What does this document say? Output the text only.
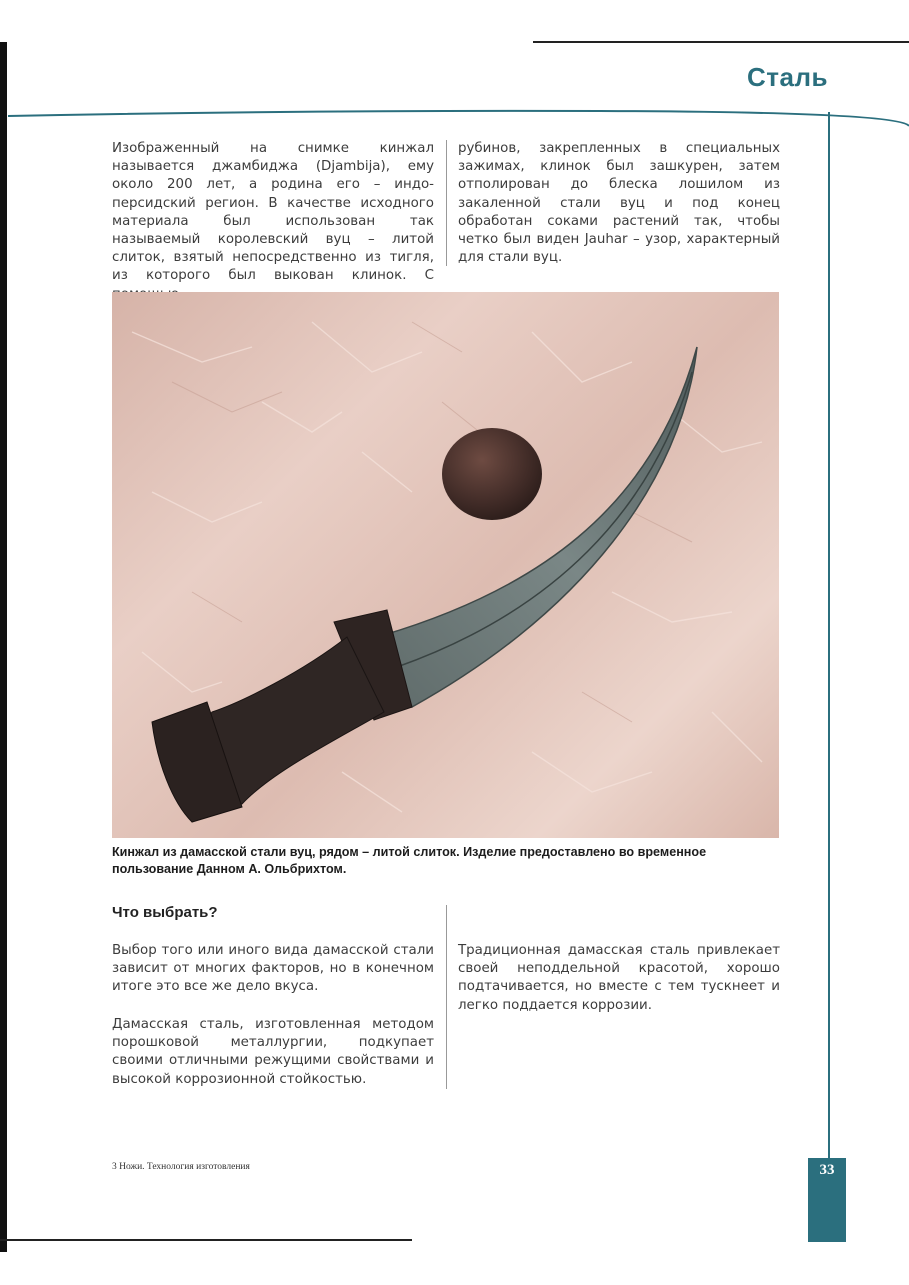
Сталь

Изображенный на снимке кинжал называется джамбиджа (Djambija), ему около 200 лет, а родина его – индо-персидский регион. В качестве исходного материала был использован так называемый королевский вуц – литой слиток, взятый непосредственно из тигля, из которого был выкован клинок. С

рубинов, закрепленных в специальных зажимах, клинок был зашкурен, затем отполирован до блеска лошилом из закаленной стали вуц и под конец обработан соками растений так, чтобы четко был виден Jauhar – узор, характерный для стали вуц.

Кинжал из дамасской стали вуц, рядом – литой слиток. Изделие предоставлено во временное пользование Данном А. Ольбрихтом.
Что выбрать?

Выбор того или иного вида дамасской стали зависит от многих факторов, но в конечном итоге это все же дело вкуса.

Дамасская сталь, изготовленная методом порошковой металлургии, подкупает своими отличными режущими свойствами и высокой коррозионной стойкостью.

Традиционная дамасская сталь привлекает своей неподдельной красотой, хорошо подтачивается, но вместе с тем тускнеет и легко поддается коррозии.

3 Ножи. Технология изготовления	33
